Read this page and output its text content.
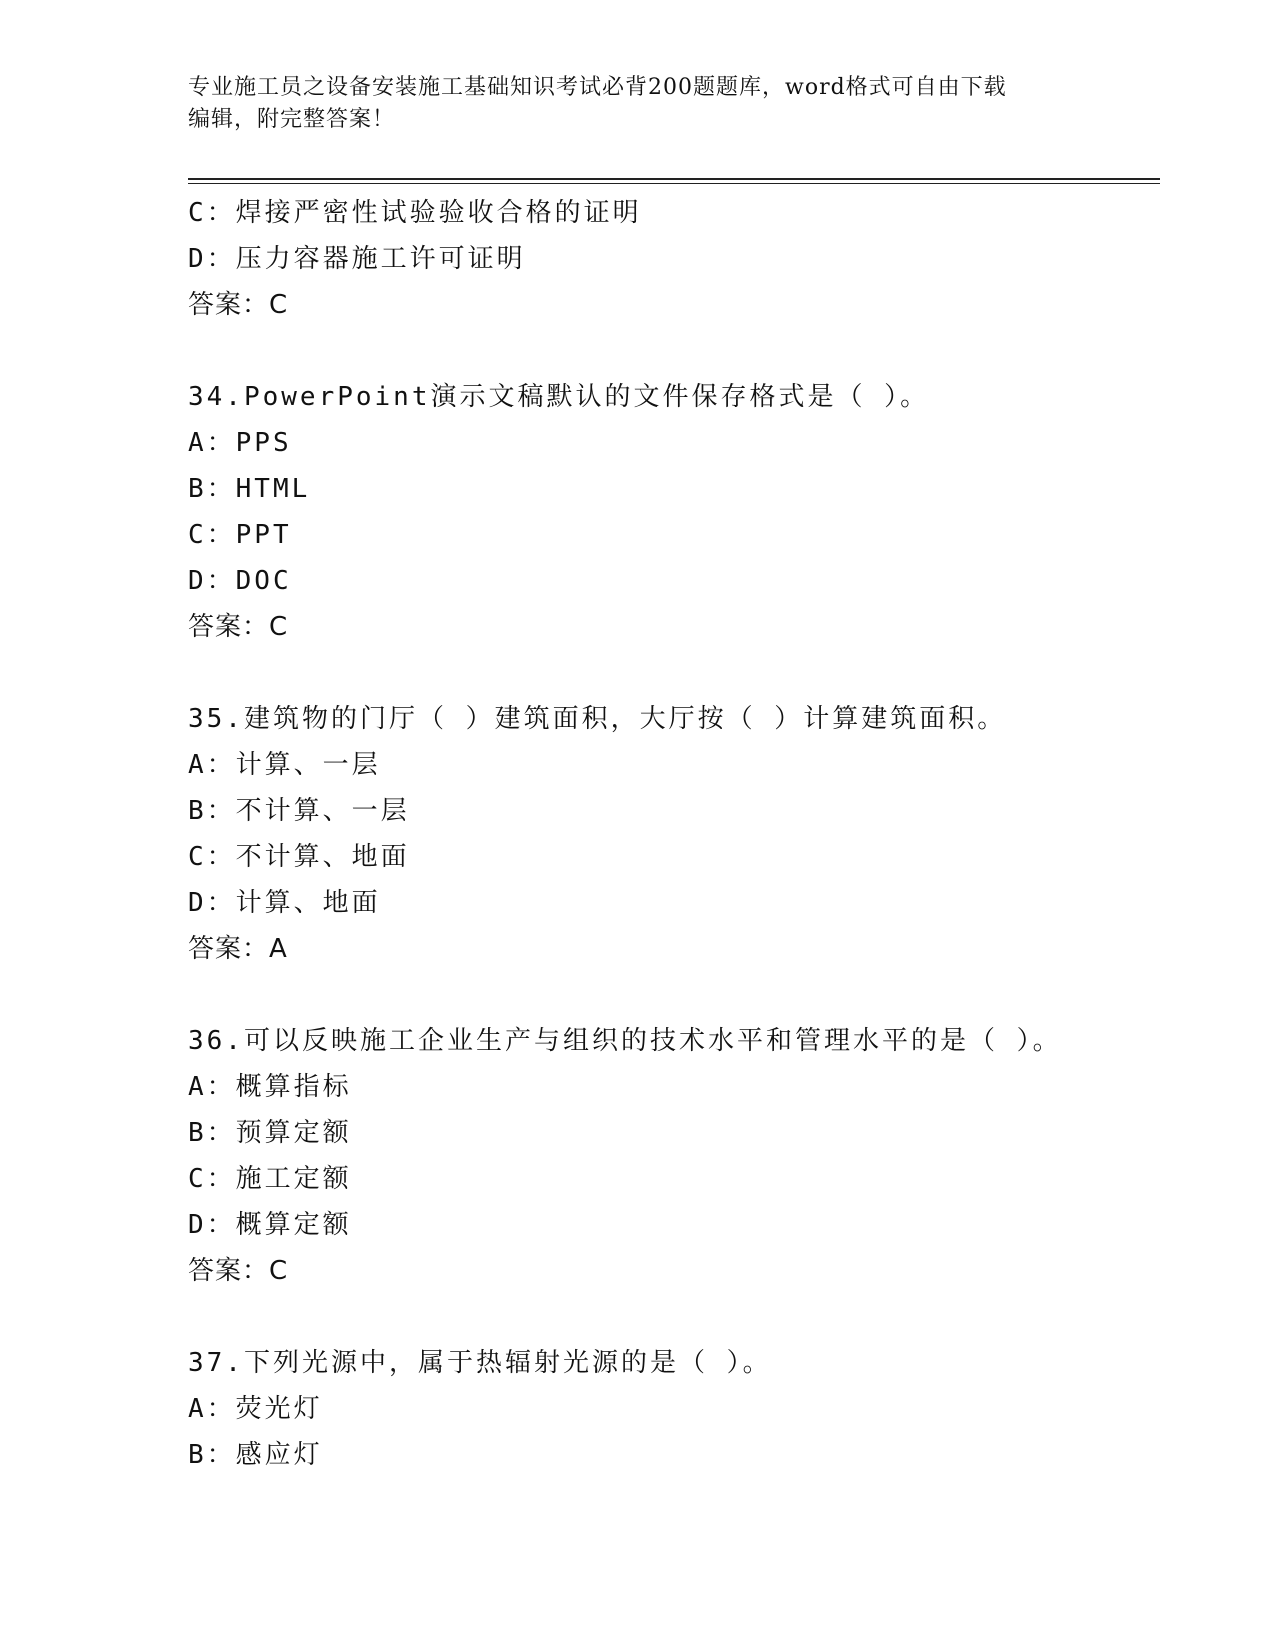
专业施工员之设备安装施工基础知识考试必背200题题库，word格式可自由下载
编辑，附完整答案！
C：焊接严密性试验验收合格的证明
D：压力容器施工许可证明
答案：C
34.PowerPoint演示文稿默认的文件保存格式是（ ）。
A：PPS
B：HTML
C：PPT
D：DOC
答案：C
35.建筑物的门厅（ ）建筑面积，大厅按（ ）计算建筑面积。
A：计算、一层
B：不计算、一层
C：不计算、地面
D：计算、地面
答案：A
36.可以反映施工企业生产与组织的技术水平和管理水平的是（ ）。
A：概算指标
B：预算定额
C：施工定额
D：概算定额
答案：C
37.下列光源中，属于热辐射光源的是（ ）。
A：荧光灯
B：感应灯
